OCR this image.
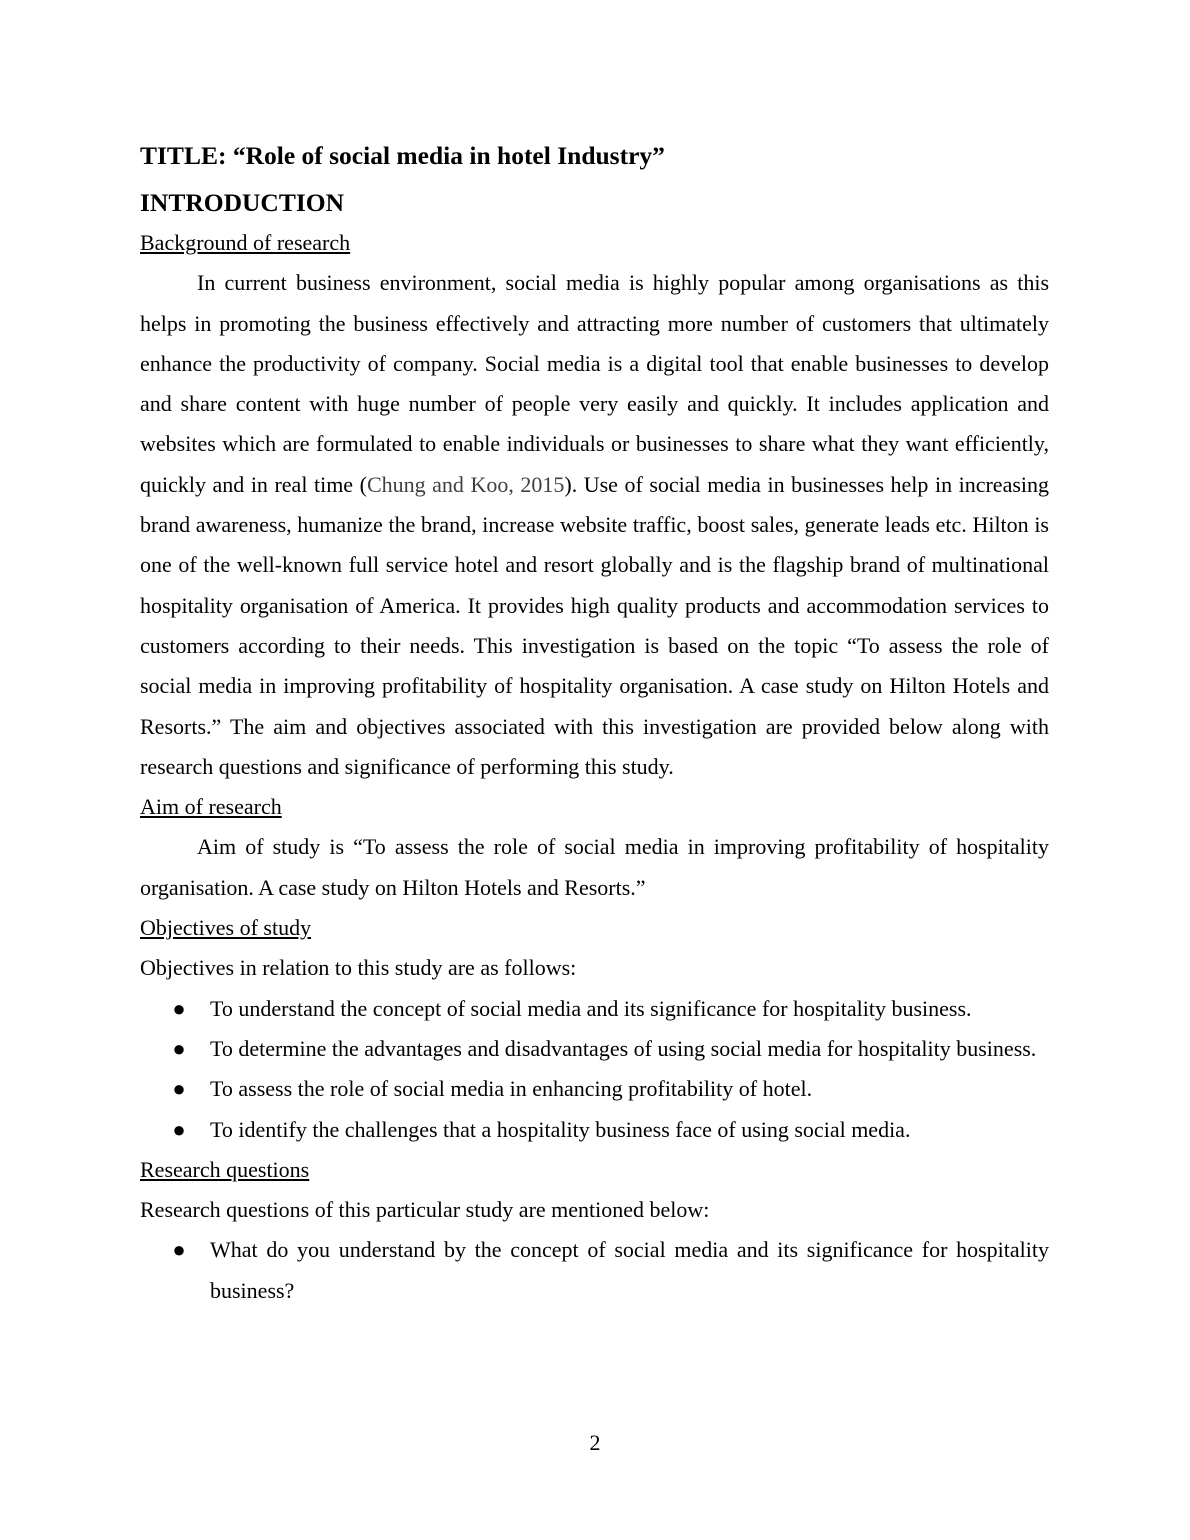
TITLE: “Role of social media in hotel Industry”
INTRODUCTION
Background of research

In current business environment, social media is highly popular among organisations as this helps in promoting the business effectively and attracting more number of customers that ultimately enhance the productivity of company. Social media is a digital tool that enable businesses to develop and share content with huge number of people very easily and quickly. It includes application and websites which are formulated to enable individuals or businesses to share what they want efficiently, quickly and in real time (Chung and Koo, 2015). Use of social media in businesses help in increasing brand awareness, humanize the brand, increase website traffic, boost sales, generate leads etc. Hilton is one of the well-known full service hotel and resort globally and is the flagship brand of multinational hospitality organisation of America. It provides high quality products and accommodation services to customers according to their needs. This investigation is based on the topic “To assess the role of social media in improving profitability of hospitality organisation. A case study on Hilton Hotels and Resorts.” The aim and objectives associated with this investigation are provided below along with research questions and significance of performing this study.

Aim of research

Aim of study is “To assess the role of social media in improving profitability of hospitality organisation. A case study on Hilton Hotels and Resorts.”

Objectives of study

Objectives in relation to this study are as follows:

● To understand the concept of social media and its significance for hospitality business.
● To determine the advantages and disadvantages of using social media for hospitality business.
● To assess the role of social media in enhancing profitability of hotel.
● To identify the challenges that a hospitality business face of using social media.
Research questions

Research questions of this particular study are mentioned below:

● What do you understand by the concept of social media and its significance for hospitality business?
2
